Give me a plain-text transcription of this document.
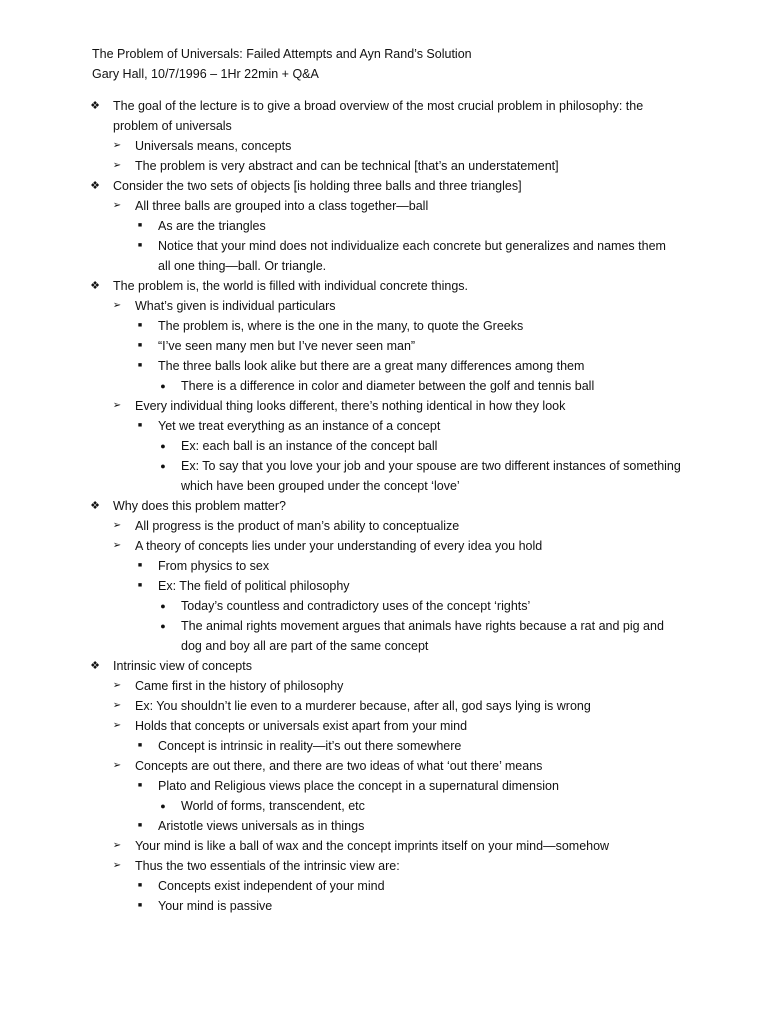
The Problem of Universals: Failed Attempts and Ayn Rand’s Solution
Gary Hall, 10/7/1996 – 1Hr 22min + Q&A
❖ The goal of the lecture is to give a broad overview of the most crucial problem in philosophy: the problem of universals
➢ Universals means, concepts
➢ The problem is very abstract and can be technical [that’s an understatement]
❖ Consider the two sets of objects [is holding three balls and three triangles]
➢ All three balls are grouped into a class together—ball
■	As are the triangles
■	Notice that your mind does not individualize each concrete but generalizes and names them all one thing—ball. Or triangle.
❖ The problem is, the world is filled with individual concrete things.
➢ What’s given is individual particulars
■	The problem is, where is the one in the many, to quote the Greeks
■	“I’ve seen many men but I’ve never seen man”
■	The three balls look alike but there are a great many differences among them
●	There is a difference in color and diameter between the golf and tennis ball
➢ Every individual thing looks different, there’s nothing identical in how they look
■	Yet we treat everything as an instance of a concept
●	Ex: each ball is an instance of the concept ball
●	Ex: To say that you love your job and your spouse are two different instances of something which have been grouped under the concept ‘love’
❖ Why does this problem matter?
➢ All progress is the product of man’s ability to conceptualize
➢ A theory of concepts lies under your understanding of every idea you hold
■	From physics to sex
■	Ex: The field of political philosophy
●	Today’s countless and contradictory uses of the concept ‘rights’
●	The animal rights movement argues that animals have rights because a rat and pig and dog and boy all are part of the same concept
❖ Intrinsic view of concepts
➢ Came first in the history of philosophy
➢ Ex: You shouldn’t lie even to a murderer because, after all, god says lying is wrong
➢ Holds that concepts or universals exist apart from your mind
■	Concept is intrinsic in reality—it’s out there somewhere
➢ Concepts are out there, and there are two ideas of what ‘out there’ means
■	Plato and Religious views place the concept in a supernatural dimension
●	World of forms, transcendent, etc
■	Aristotle views universals as in things
➢ Your mind is like a ball of wax and the concept imprints itself on your mind—somehow
➢ Thus the two essentials of the intrinsic view are:
■	Concepts exist independent of your mind
■	Your mind is passive
